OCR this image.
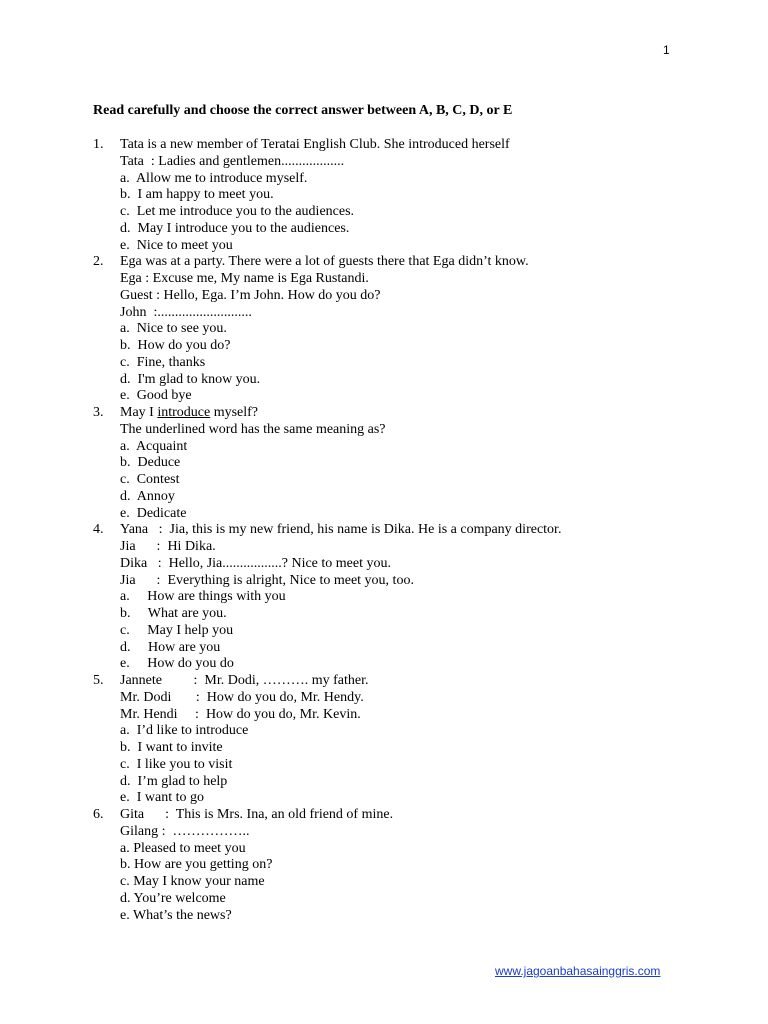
1
Read carefully and choose the correct answer between A, B, C, D, or E
1. Tata is a new member of Teratai English Club. She introduced herself
Tata  : Ladies and gentlemen..................
a.  Allow me to introduce myself.
b.  I am happy to meet you.
c.  Let me introduce you to the audiences.
d.  May I introduce you to the audiences.
e.  Nice to meet you
2. Ega was at a party. There were a lot of guests there that Ega didn’t know.
Ega : Excuse me, My name is Ega Rustandi.
Guest : Hello, Ega. I’m John. How do you do?
John  :...........................
a.  Nice to see you.
b.  How do you do?
c.  Fine, thanks
d.  I'm glad to know you.
e.  Good bye
3. May I introduce myself?
The underlined word has the same meaning as?
a.  Acquaint
b.  Deduce
c.  Contest
d.  Annoy
e.  Dedicate
4. Yana   :  Jia, this is my new friend, his name is Dika. He is a company director.
Jia      :  Hi Dika.
Dika   :  Hello, Jia.................? Nice to meet you.
Jia      :  Everything is alright, Nice to meet you, too.
a.     How are things with you
b.     What are you.
c.     May I help you
d.     How are you
e.     How do you do
5. Jannete         :  Mr. Dodi, ………. my father.
Mr. Dodi       :  How do you do, Mr. Hendy.
Mr. Hendi     :  How do you do, Mr. Kevin.
a.  I’d like to introduce
b.  I want to invite
c.  I like you to visit
d.  I’m glad to help
e.  I want to go
6. Gita      :  This is Mrs. Ina, an old friend of mine.
Gilang :  ……………..
a. Pleased to meet you
b. How are you getting on?
c. May I know your name
d. You’re welcome
e. What’s the news?
www.jagoanbahasainggris.com
